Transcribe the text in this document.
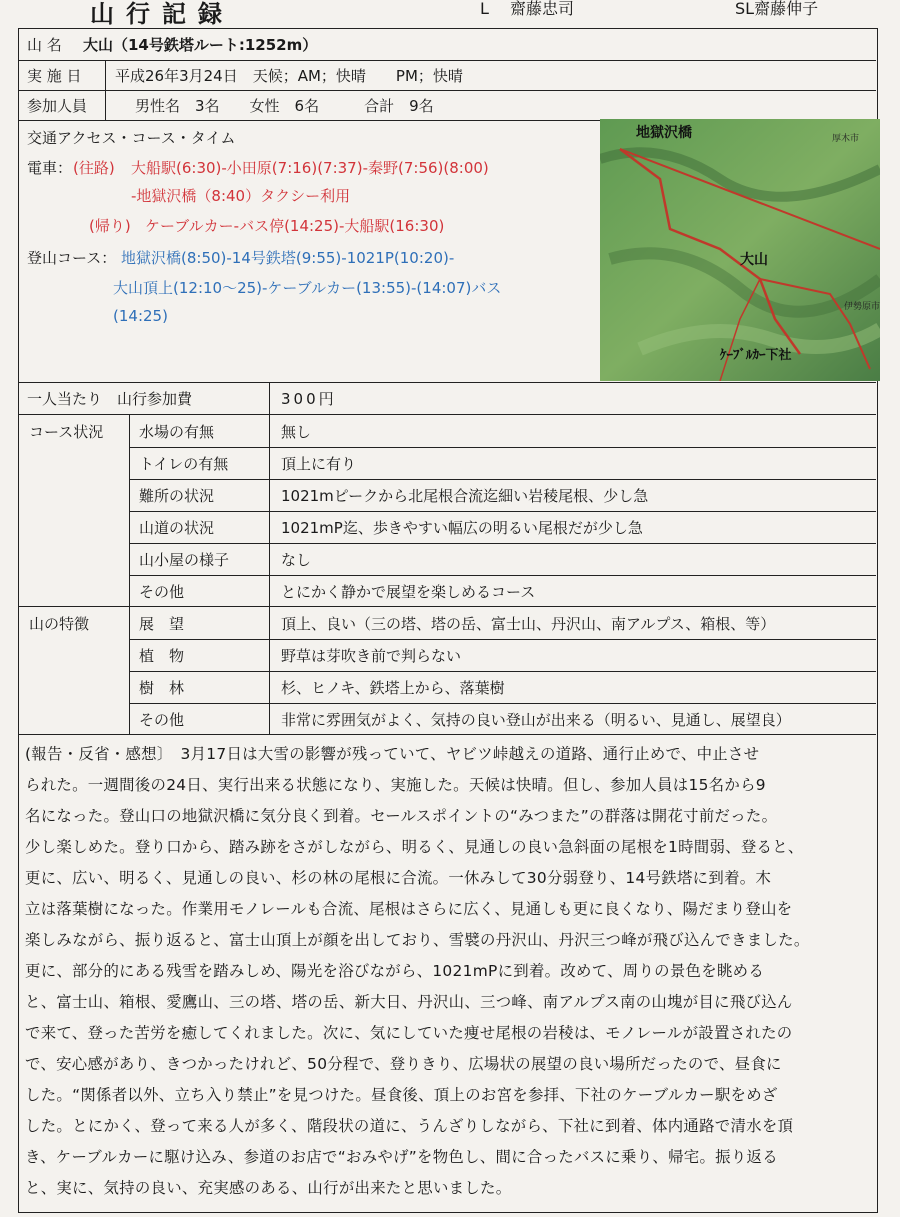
山行記録	L　 齋藤忠司	SL齋藤伸子
山 名 大山（14号鉄塔ルート:1252m）
実 施 日 平成26年3月24日　天候；AM；快晴　　PM；快晴
参加人員	男性名　3名　　女性　6名　　　合計　9名
交通アクセス・コース・タイム
電車： (往路) 大船駅(6:30)-小田原(7:16)(7:37)-秦野(7:56)(8:00)
-地獄沢橋（8:40）タクシー利用
(帰り) ケーブルカー-バス停(14:25)-大船駅(16:30)
登山コース： 地獄沢橋(8:50)-14号鉄塔(9:55)-1021P(10:20)-
大山頂上(12:10～25)-ケーブルカー(13:55)-(14:07)バス
(14:25)
地獄沢橋
大山
ｹｰﾌﾞﾙｶｰ下社
厚木市
伊勢原市
一人当たり　山行参加費	300円
コース状況 水場の有無	無し
トイレの有無	頂上に有り
難所の状況	1021mピークから北尾根合流迄細い岩稜尾根、少し急
山道の状況	1021mP迄、歩きやすい幅広の明るい尾根だが少し急
山小屋の様子	なし
その他	とにかく静かで展望を楽しめるコース
山の特徴	展　望	頂上、良い（三の塔、塔の岳、富士山、丹沢山、南アルプス、箱根、等）
植　物	野草は芽吹き前で判らない
樹　林	杉、ヒノキ、鉄塔上から、落葉樹
その他	非常に雰囲気がよく、気持の良い登山が出来る（明るい、見通し、展望良）
(報告・反省・感想〕　3月17日は大雪の影響が残っていて、ヤビツ峠越えの道路、通行止めで、中止させ
られた。一週間後の24日、実行出来る状態になり、実施した。天候は快晴。但し、参加人員は15名から9
名になった。登山口の地獄沢橋に気分良く到着。セールスポイントの“みつまた”の群落は開花寸前だった。
少し楽しめた。登り口から、踏み跡をさがしながら、明るく、見通しの良い急斜面の尾根を1時間弱、登ると、
更に、広い、明るく、見通しの良い、杉の林の尾根に合流。一休みして30分弱登り、14号鉄塔に到着。木
立は落葉樹になった。作業用モノレールも合流、尾根はさらに広く、見通しも更に良くなり、陽だまり登山を
楽しみながら、振り返ると、富士山頂上が顔を出しており、雪襞の丹沢山、丹沢三つ峰が飛び込んできました。
更に、部分的にある残雪を踏みしめ、陽光を浴びながら、1021mPに到着。改めて、周りの景色を眺める
と、富士山、箱根、愛鷹山、三の塔、塔の岳、新大日、丹沢山、三つ峰、南アルプス南の山塊が目に飛び込ん
で来て、登った苦労を癒してくれました。次に、気にしていた痩せ尾根の岩稜は、モノレールが設置されたの
で、安心感があり、きつかったけれど、50分程で、登りきり、広場状の展望の良い場所だったので、昼食に
した。“関係者以外、立ち入り禁止”を見つけた。昼食後、頂上のお宮を参拝、下社のケーブルカー駅をめざ
した。とにかく、登って来る人が多く、階段状の道に、うんざりしながら、下社に到着、体内通路で清水を頂
き、ケーブルカーに駆け込み、参道のお店で“おみやげ”を物色し、間に合ったバスに乗り、帰宅。振り返る
と、実に、気持の良い、充実感のある、山行が出来たと思いました。
